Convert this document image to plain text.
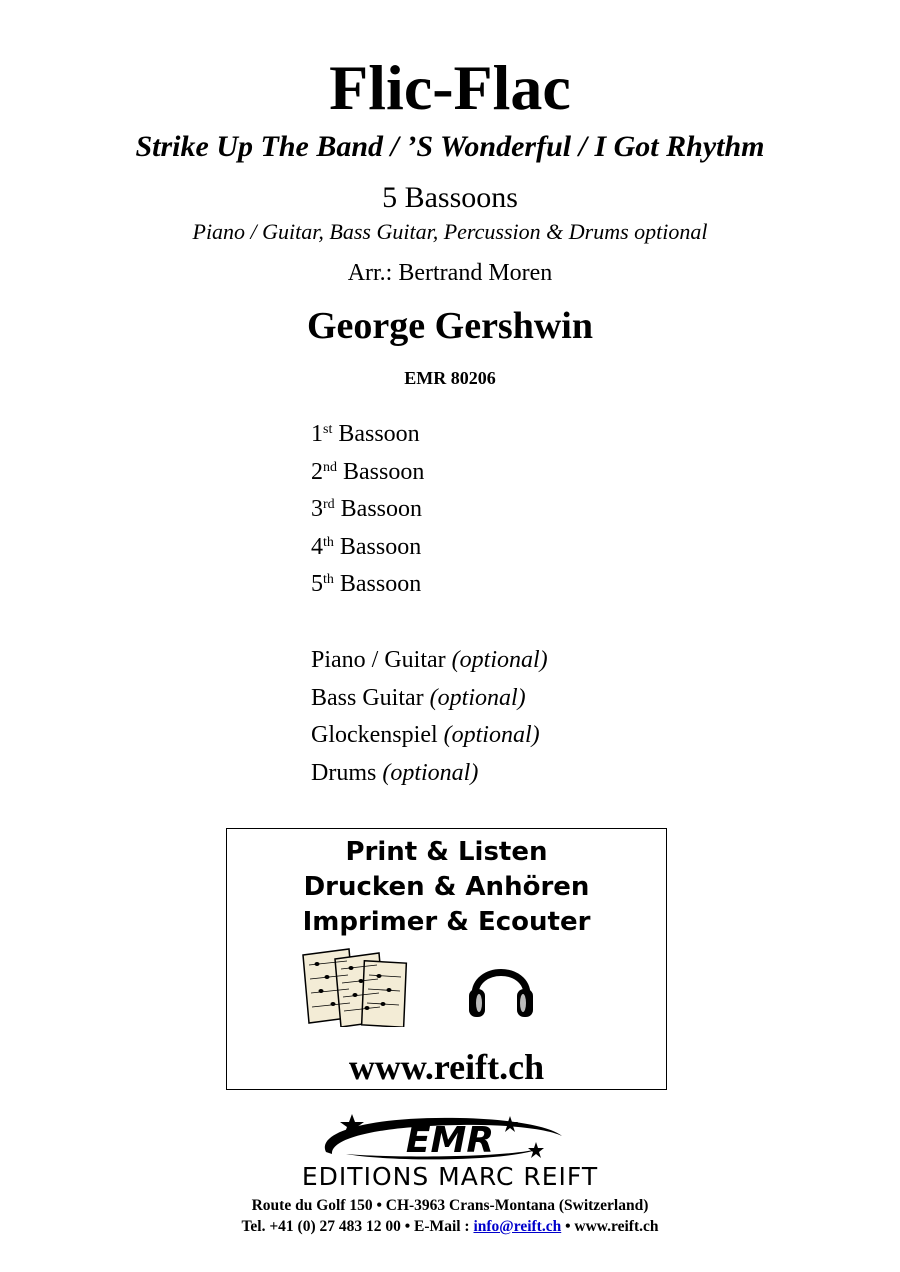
Flic-Flac
Strike Up The Band / ’S Wonderful / I Got Rhythm
5 Bassoons
Piano / Guitar, Bass Guitar, Percussion & Drums optional
Arr.: Bertrand Moren
George Gershwin
EMR 80206
1st Bassoon
2nd Bassoon
3rd Bassoon
4th Bassoon
5th Bassoon
Piano / Guitar (optional)
Bass Guitar (optional)
Glockenspiel (optional)
Drums (optional)
Print & Listen
Drucken & Anhören
Imprimer & Ecouter
www.reift.ch
EMR
EDITIONS MARC REIFT
Route du Golf 150 • CH-3963 Crans-Montana (Switzerland)
Tel. +41 (0) 27 483 12 00 • E-Mail : info@reift.ch • www.reift.ch
